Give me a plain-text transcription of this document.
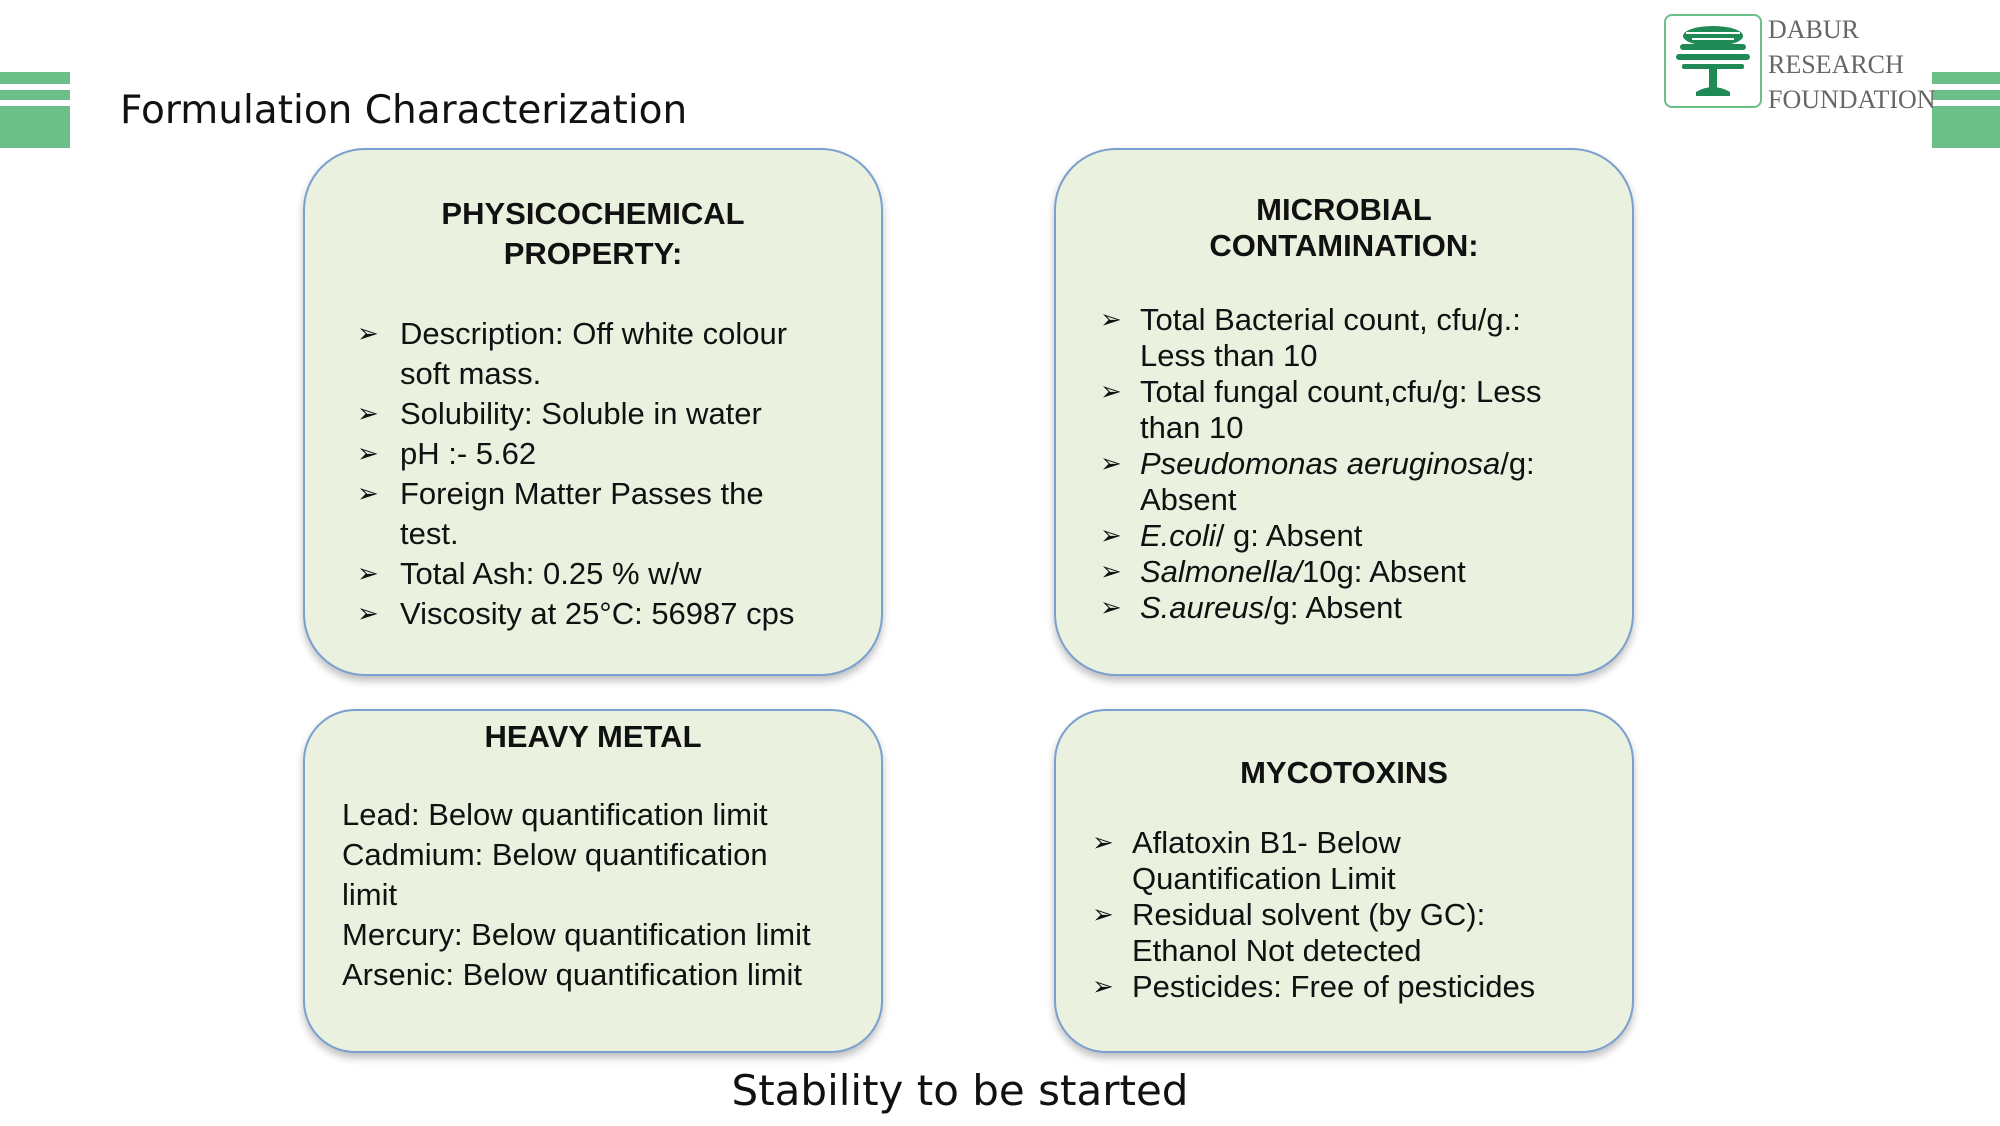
Formulation Characterization
DABUR
RESEARCH
FOUNDATION
PHYSICOCHEMICAL
PROPERTY:
➢ Description: Off white colour
soft mass.
➢ Solubility: Soluble in water
➢ pH :- 5.62
➢ Foreign Matter Passes the
test.
➢ Total Ash: 0.25 % w/w
➢ Viscosity at 25°C: 56987 cps
MICROBIAL
CONTAMINATION:
➢ Total Bacterial count, cfu/g.:
Less than 10
➢ Total fungal count,cfu/g: Less
than 10
➢ Pseudomonas aeruginosa/g:
Absent
➢ E.coli/ g: Absent
➢ Salmonella/10g: Absent
➢ S.aureus/g: Absent
HEAVY METAL
Lead: Below quantification limit
Cadmium: Below quantification
limit
Mercury: Below quantification limit
Arsenic: Below quantification limit
MYCOTOXINS
➢ Aflatoxin B1- Below
Quantification Limit
➢ Residual solvent (by GC):
Ethanol Not detected
➢ Pesticides: Free of pesticides
Stability to be started
